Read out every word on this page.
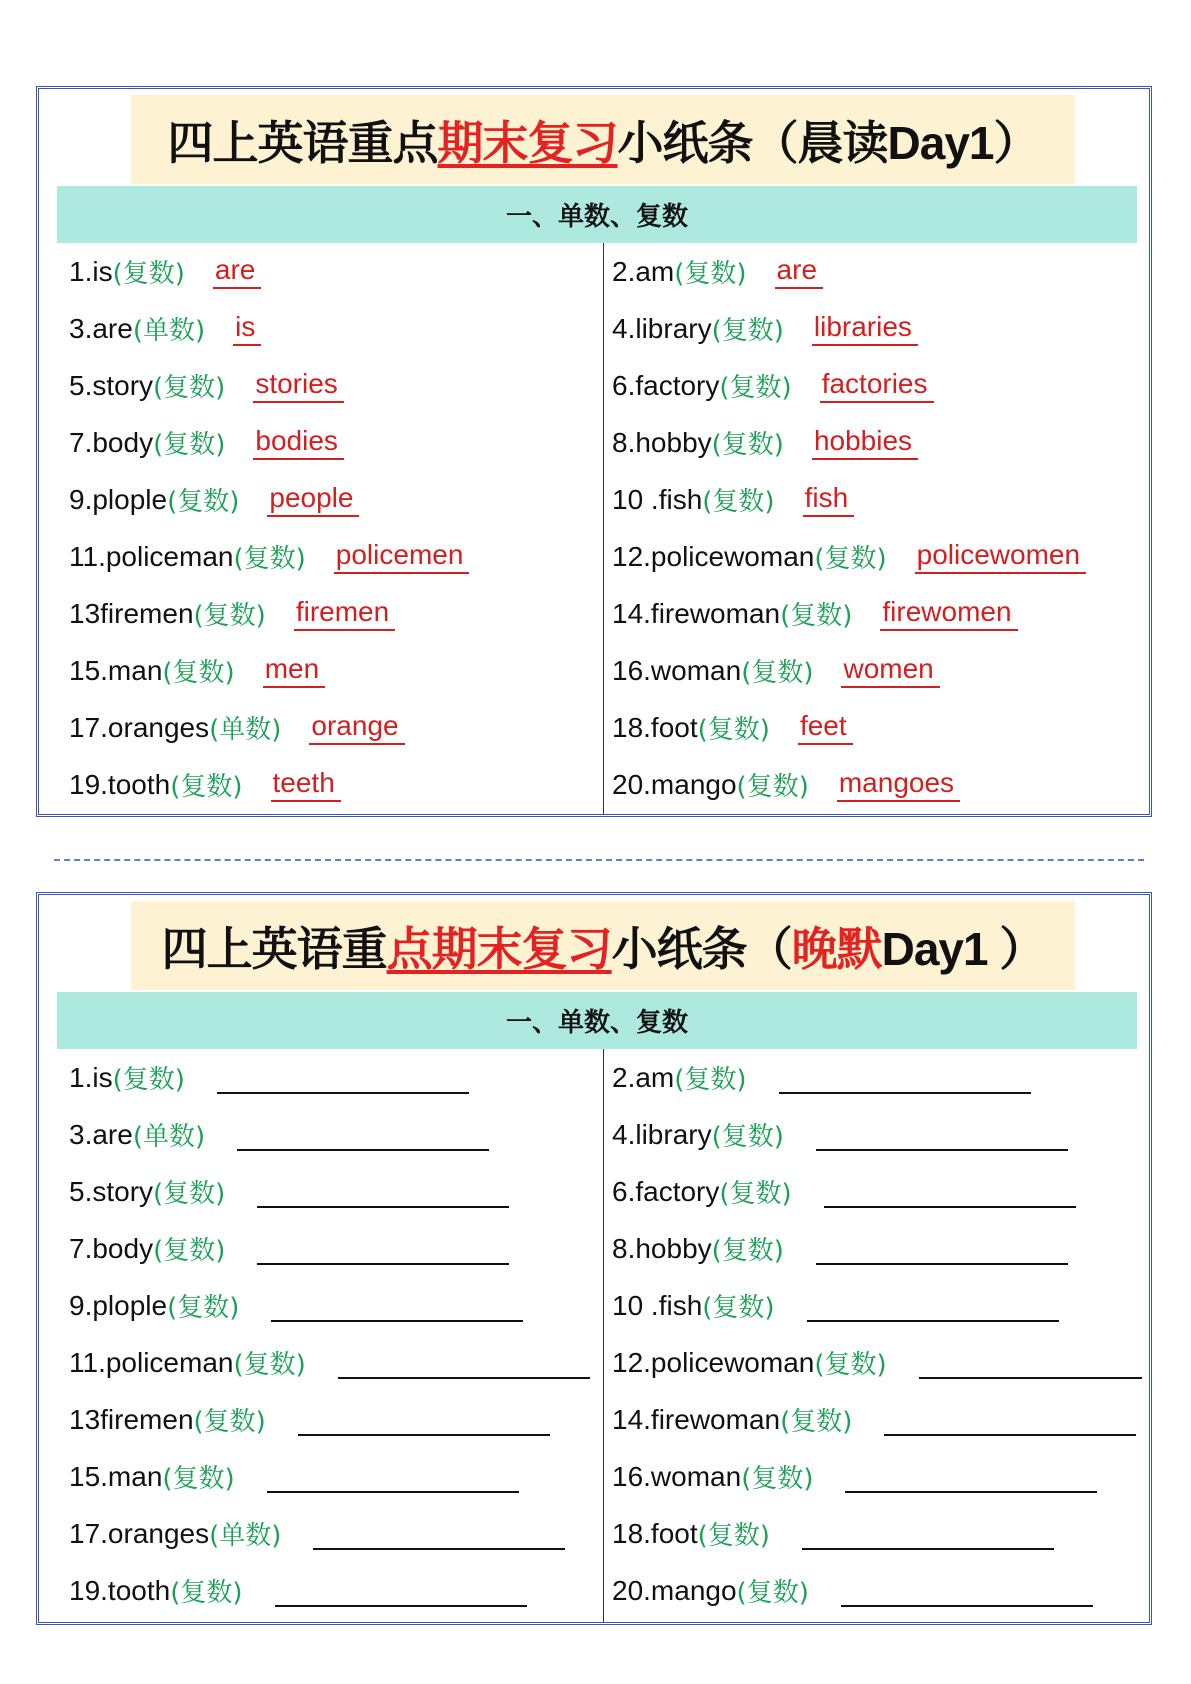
四上英语重点期末复习小纸条（晨读Day1）
一、单数、复数
1.is (复数) are	2.am (复数) are
3.are (单数) is	4.library (复数) libraries
5.story (复数) stories	6.factory (复数) factories
7.body (复数) bodies	8.hobby (复数) hobbies
9.plople (复数) people	10 .fish (复数) fish
11.policeman (复数) policemen	12.policewoman (复数) policewomen
13firemen (复数) firemen	14.firewoman (复数) firewomen
15.man (复数) men	16.woman (复数) women
17.oranges (单数) orange	18.foot (复数) feet
19.tooth (复数) teeth	20.mango (复数) mangoes
四上英语重点期末复习小纸条（晚默Day1 ）
一、单数、复数
1.is (复数)	2.am (复数)
3.are (单数)	4.library (复数)
5.story (复数)	6.factory (复数)
7.body (复数)	8.hobby (复数)
9.plople (复数)	10 .fish (复数)
11.policeman (复数)	12.policewoman (复数)
13firemen (复数)	14.firewoman (复数)
15.man (复数)	16.woman (复数)
17.oranges (单数)	18.foot (复数)
19.tooth (复数)	20.mango (复数)
